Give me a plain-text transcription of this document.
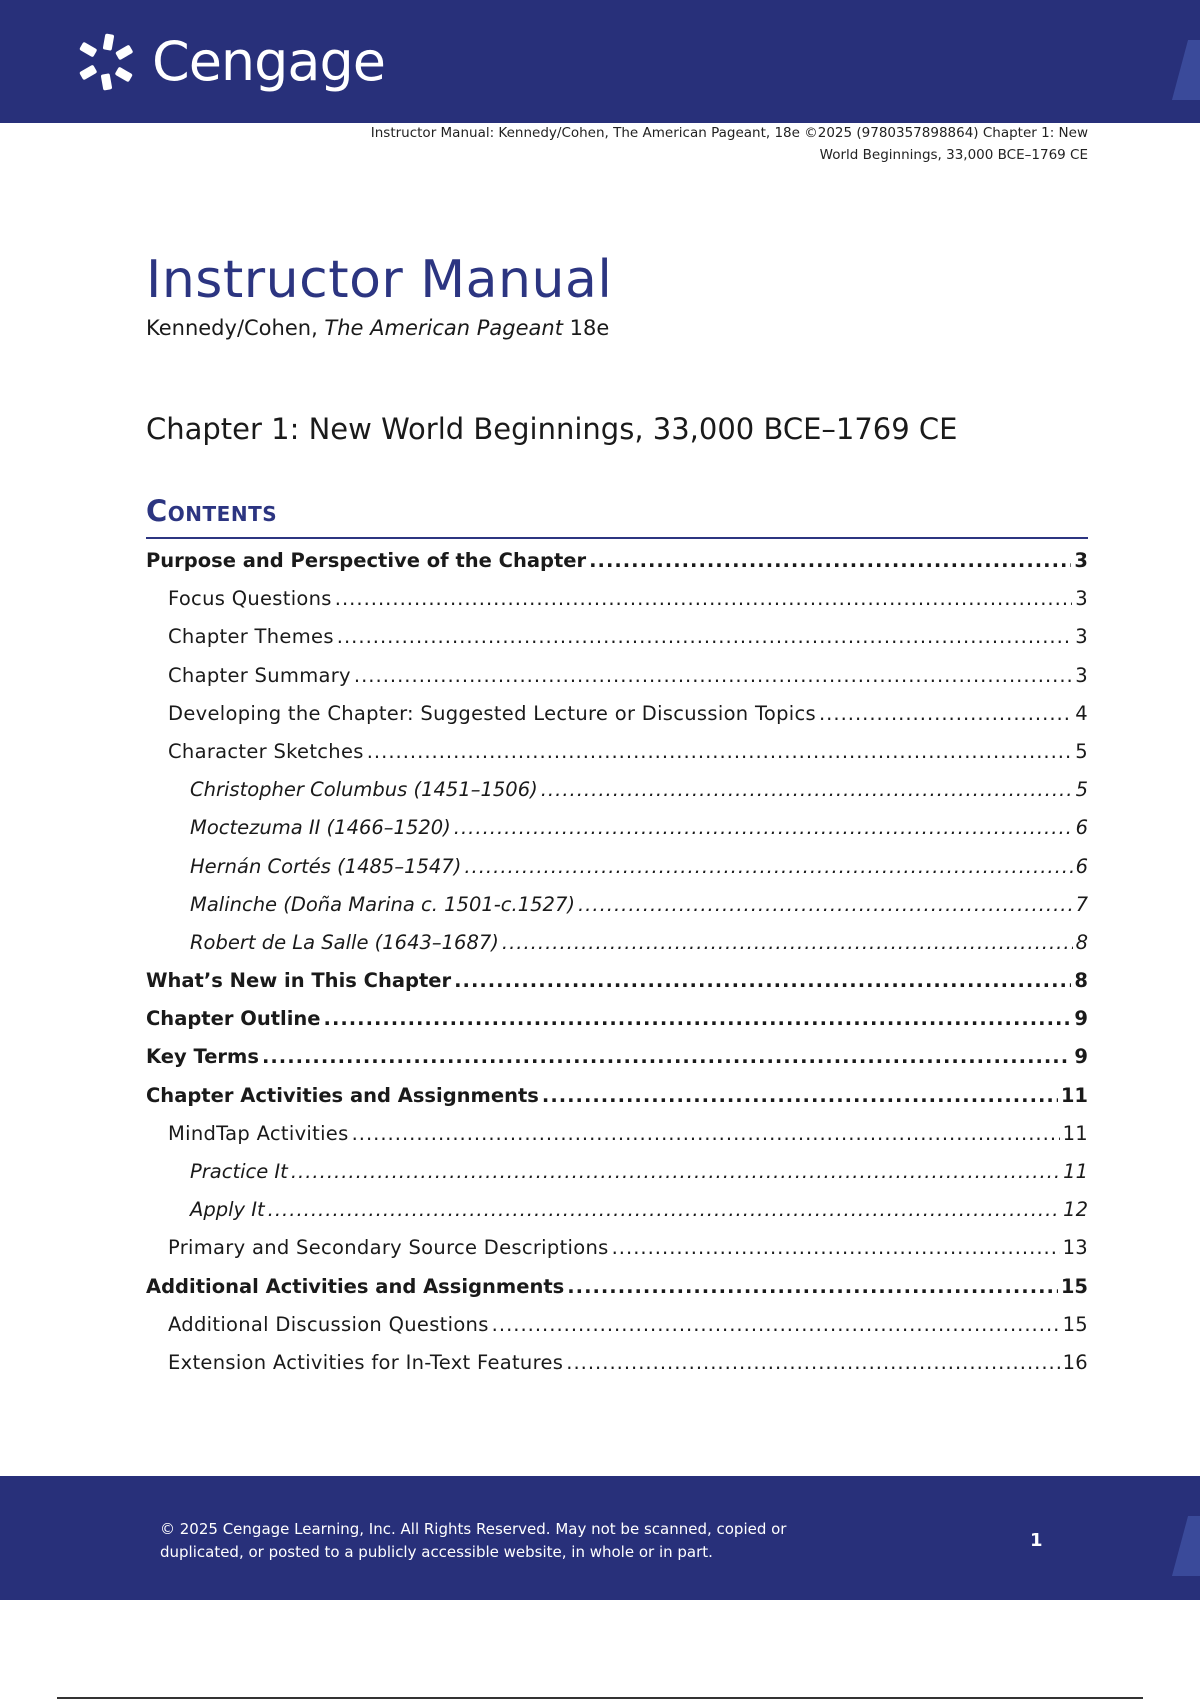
Cengage
Instructor Manual: Kennedy/Cohen, The American Pageant, 18e ©2025 (9780357898864) Chapter 1: New
World Beginnings, 33,000 BCE–1769 CE
Instructor Manual
Kennedy/Cohen, The American Pageant 18e
Chapter 1: New World Beginnings, 33,000 BCE–1769 CE
Contents
Purpose and Perspective of the Chapter .....	3
Focus Questions .....	3
Chapter Themes .....	3
Chapter Summary .....	3
Developing the Chapter: Suggested Lecture or Discussion Topics .....	4
Character Sketches .....	5
Christopher Columbus (1451–1506) .....	5
Moctezuma II (1466–1520) .....	6
Hernán Cortés (1485–1547) .....	6
Malinche (Doña Marina c. 1501-c.1527) .....	7
Robert de La Salle (1643–1687) .....	8
What’s New in This Chapter .....	8
Chapter Outline .....	9
Key Terms .....	9
Chapter Activities and Assignments .....	11
MindTap Activities .....	11
Practice It .....	11
Apply It .....	12
Primary and Secondary Source Descriptions .....	13
Additional Activities and Assignments .....	15
Additional Discussion Questions .....	15
Extension Activities for In-Text Features .....	16
© 2025 Cengage Learning, Inc. All Rights Reserved. May not be scanned, copied or
duplicated, or posted to a publicly accessible website, in whole or in part.
1
